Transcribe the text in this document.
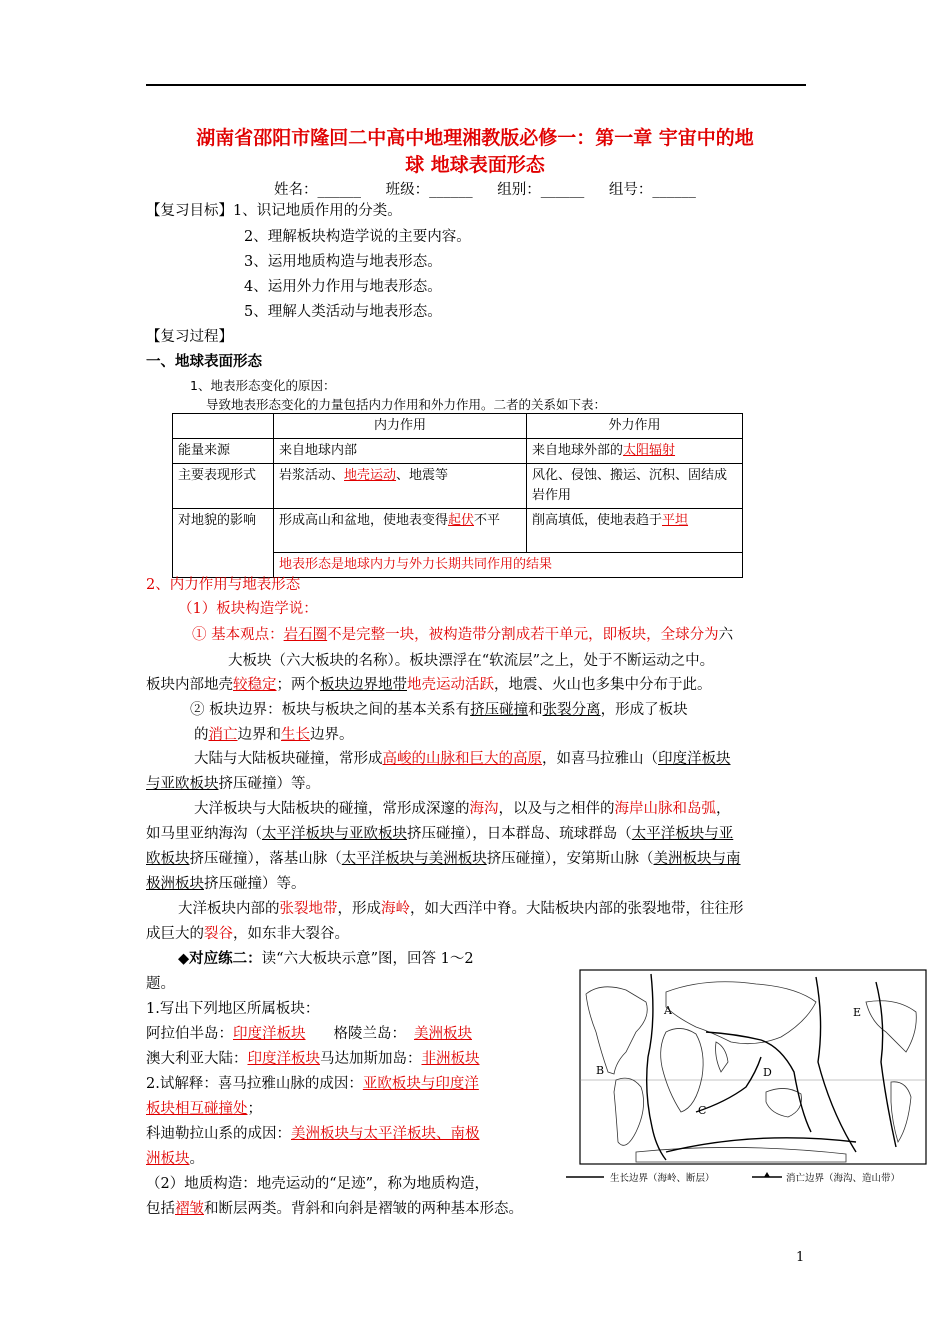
湖南省邵阳市隆回二中高中地理湘教版必修一：第一章 宇宙中的地
球 地球表面形态
姓名：______ 班级：______ 组别：______ 组号：______
【复习目标】1、识记地质作用的分类。
2、理解板块构造学说的主要内容。
3、运用地质构造与地表形态。
4、运用外力作用与地表形态。
5、理解人类活动与地表形态。
【复习过程】
一、地球表面形态
1、地表形态变化的原因：
导致地表形态变化的力量包括内力作用和外力作用。二者的关系如下表：
	内力作用	外力作用
能量来源	来自地球内部	来自地球外部的太阳辐射
主要表现形式	岩浆活动、地壳运动、地震等	风化、侵蚀、搬运、沉积、固结成岩作用
对地貌的影响	形成高山和盆地，使地表变得起伏不平	削高填低，使地表趋于平坦
	地表形态是地球内力与外力长期共同作用的结果	
2、内力作用与地表形态
（1）板块构造学说：
① 基本观点：岩石圈不是完整一块，被构造带分割成若干单元，即板块，全球分为六
大板块（六大板块的名称）。板块漂浮在“软流层”之上，处于不断运动之中。
板块内部地壳较稳定；两个板块边界地带地壳运动活跃，地震、火山也多集中分布于此。
② 板块边界：板块与板块之间的基本关系有挤压碰撞和张裂分离，形成了板块
的消亡边界和生长边界。
大陆与大陆板块碰撞，常形成高峻的山脉和巨大的高原，如喜马拉雅山（印度洋板块
与亚欧板块挤压碰撞）等。
大洋板块与大陆板块的碰撞，常形成深邃的海沟，以及与之相伴的海岸山脉和岛弧，
如马里亚纳海沟（太平洋板块与亚欧板块挤压碰撞），日本群岛、琉球群岛（太平洋板块与亚
欧板块挤压碰撞），落基山脉（太平洋板块与美洲板块挤压碰撞），安第斯山脉（美洲板块与南
极洲板块挤压碰撞）等。
大洋板块内部的张裂地带，形成海岭，如大西洋中脊。大陆板块内部的张裂地带，往往形
成巨大的裂谷，如东非大裂谷。
◆对应练二：读“六大板块示意”图，回答 1～2
题。
1.写出下列地区所属板块：
阿拉伯半岛：印度洋板块 格陵兰岛： 美洲板块
澳大利亚大陆：印度洋板块马达加斯加岛：非洲板块
2.试解释：喜马拉雅山脉的成因：亚欧板块与印度洋
板块相互碰撞处；
科迪勒拉山系的成因：美洲板块与太平洋板块、南极
洲板块。
（2）地质构造：地壳运动的“足迹”，称为地质构造，
包括褶皱和断层两类。背斜和向斜是褶皱的两种基本形态。
A
B
C
D
E
生长边界（海岭、断层）	消亡边界（海沟、造山带）
1
